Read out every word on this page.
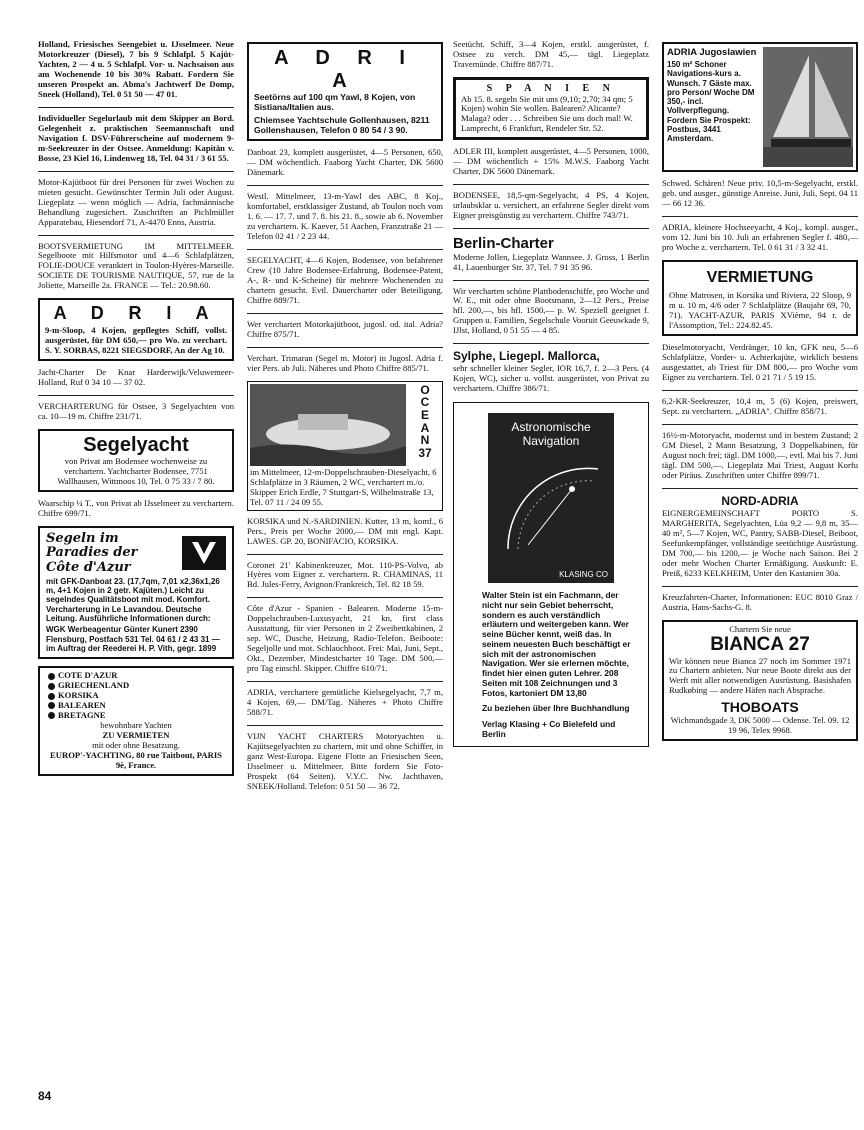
Holland, Friesisches Seengebiet u. IJsselmeer. Neue Motorkreuzer (Diesel), 7 bis 9 Schlafpl. 5 Kajüt-Yachten, 2 — 4 u. 5 Schlafpl. Vor- u. Nachsaison aus am Wochenende 10 bis 30% Rabatt. Fordern Sie unseren Prospekt an. Abma's Jachtwerf De Domp, Sneek (Holland), Tel. 0 51 50 — 47 01.

Individueller Segelurlaub mit dem Skipper an Bord. Gelegenheit z. praktischen Seemannschaft und Navigation f. DSV-Führerscheine auf modernem 9-m-Seekreuzer in der Ostsee. Anmeldung: Kapitän v. Bosse, 23 Kiel 16, Lindenweg 18, Tel. 04 31 / 3 61 55.

Motor-Kajütboot für drei Personen für zwei Wochen zu mieten gesucht. Gewünschter Termin Juli oder August. Liegeplatz — wenn möglich — Adria, fachmännische Behandlung zugesichert. Zuschriften an Pichlmüller Apparatebau, Hiesendorf 71, A-4470 Enns, Austria.

BOOTSVERMIETUNG IM MITTELMEER. Segelboote mit Hilfsmotor und 4—6 Schlafplätzen, FOLIE-DOUCE veranktert in Toulon-Hyères-Marseille. SOCIETE DE TOURISME NAUTIQUE, 57, rue de la Joliette, Marseille 2a. FRANCE — Tel.: 20.98.60.

A D R I A
9-m-Sloop, 4 Kojen, gepflegtes Schiff, vollst. ausgerüstet, für DM 650,— pro Wo. zu verchart. S. Y. SORBAS, 8221 SIEGSDORF, An der Ag 10.

Jacht-Charter De Knar Harderwijk/Veluwemeer-Holland, Ruf 0 34 10 — 37 02.

VERCHARTERUNG für Ostsee, 3 Segelyachten von ca. 10—19 m. Chiffre 231/71.

Segelyacht
von Privat am Bodensee wochenweise zu verchartern. Yachtcharter Bodensee, 7751 Wallhausen, Wittmoos 10, Tel. 0 75 33 / 7 80.

Waarschip ¼ T., von Privat ab IJsselmeer zu verchartern. Chiffre 699/71.

Segeln im
Paradies der
Côte d'Azur
mit GFK-Danboat 23. (17,7qm, 7,01 x2,36x1,26 m, 4+1 Kojen in 2 getr. Kajüten.) Leicht zu segelndes Qualitätsboot mit mod. Komfort. Vercharterung in Le Lavandou. Deutsche Leitung. Ausführliche Informationen durch:
WGK Werbeagentur Günter Kunert 2390 Flensburg, Postfach 531 Tel. 04 61 / 2 43 31 — im Auftrag der Reederei H. P. Vith, gegr. 1899
COTE D'AZUR
GRIECHENLAND
KORSIKA
BALEAREN
BRETAGNE
bewohnbare Yachten
ZU VERMIETEN
mit oder ohne Besatzung.
EUROP'-YACHTING, 80 rue Taitbout, PARIS 9è, France.
A D R I A
Seetörns auf 100 qm Yawl, 8 Kojen, von Sistiana/Italien aus.
Chiemsee Yachtschule Gollenhausen, 8211 Gollenshausen, Telefon 0 80 54 / 3 90.

Danboat 23, komplett ausgerüstet, 4—5 Personen, 650,— DM wöchentlich. Faaborg Yacht Charter, DK 5600 Dänemark.

Westl. Mittelmeer, 13-m-Yawl des ABC, 8 Koj., komfortabel, erstklassiger Zustand, ab Toulon noch vom 1. 6. — 17. 7. und 7. 8. bis 21. 8., sowie ab 6. November zu verchartern. K. Kaever, 51 Aachen, Franzstraße 21 — Telefon 02 41 / 2 23 44.

SEGELYACHT, 4—6 Kojen, Bodensee, von befahrener Crew (10 Jahre Bodensee-Erfahrung, Bodensee-Patent, A-, R- und K-Scheine) für mehrere Wochenenden zu chartern gesucht. Evtl. Dauercharter oder Beteiligung. Chiffre 889/71.

Wer verchartert Motorkajütboot, jugosl. od. ital. Adria? Chiffre 875/71.

Verchart. Trimaran (Segel m. Motor) in Jugosl. Adria f. vier Pers. ab Juli. Näheres und Photo Chiffre 885/71.

O
C
E
A
N
37
im Mittelmeer, 12-m-Doppelschrauben-Dieselyacht, 6 Schlafplätze in 3 Räumen, 2 WC, verchartert m./o. Skipper Erich Erdle, 7 Stuttgart-S, Wilhelmstraße 13, Tel. 07 11 / 24 09 55.

KORSIKA und N.-SARDINIEN. Kutter, 13 m, komf., 6 Pers., Preis per Woche 2000,— DM mit engl. Kapt. LAWES. GP. 20, BONIFACIO, KORSIKA.

Coronet 21' Kabinenkreuzer, Mot. 110-PS-Volvo, ab Hyères vom Eigner z. verchartern. R. CHAMINAS, 11 Bd. Jules-Ferry, Avignon/Frankreich, Tel. 82 18 59.

Côte d'Azur - Spanien - Balearen. Moderne 15-m-Doppelschrauben-Luxusyacht, 21 kn, first class Ausstattung, für vier Personen in 2 Zweibettkabinen, 2 sep. WC, Dusche, Heizung, Radio-Telefon. Beiboote: Segeljolle und mot. Schlauchboot. Frei: Mai, Juni, Sept., Okt., Dezember, Mindestcharter 10 Tage. DM 500,— pro Tag einschl. Skipper. Chiffre 610/71.

ADRIA, verchartere gemütliche Kielsegelyacht, 7,7 m, 4 Kojen, 69,— DM/Tag. Näheres + Photo Chiffre 588/71.

VIJN YACHT CHARTERS Motoryachten u. Kajütsegelyachten zu chartern, mit und ohne Schiffer, in ganz West-Europa. Eigene Flotte an Friesischen Seen, IJsselmeer u. Mittelmeer. Bitte fordern Sie Foto-Prospekt (64 Seiten). V.Y.C. Nw. Jachthaven, SNEEK/Holland. Telefon: 0 51 50 — 36 72.

Seetücht. Schiff, 3—4 Kojen, erstkl. ausgerüstet, f. Ostsee zu verch. DM 45,— tägl. Liegeplatz Travemünde. Chiffre 887/71.

S P A N I E N
Ab 15. 8. segeln Sie mit uns (9,10; 2,70; 34 qm; 5 Kojen) wohin Sie wollen. Balearen? Alicante? Malaga? oder . . . Schreiben Sie uns doch mal! W. Lamprecht, 6 Frankfurt, Rendeler Str. 52.

ADLER III, komplett ausgerüstet, 4—5 Personen, 1000,— DM wöchentlich + 15% M.W.S. Faaborg Yacht Charter, DK 5600 Dänemark.

BODENSEE, 18,5-qm-Segelyacht, 4 PS, 4 Kojen, urlaubsklar u. versichert, an erfahrene Segler direkt vom Eigner preisgünstig zu verchartern. Chiffre 743/71.

Berlin-Charter

Moderne Jollen, Liegeplatz Wannsee. J. Gross, 1 Berlin 41, Lauenburger Str. 37, Tel. 7 91 35 96.

Wir vercharten schöne Plattbodenschiffe, pro Woche und W. E., mit oder ohne Bootsmann, 2—12 Pers., Preise hfl. 200,—, bis hfl. 1500,— p. W. Speziell geeignet f. Gruppen u. Familien, Segelschule Vooruit Geeuwkade 9, IJlst, Holland, 0 51 55 — 4 85.

Sylphe, Liegepl. Mallorca,

sehr schneller kleiner Segler, IOR 16,7, f. 2—3 Pers. (4 Kojen, WC), sicher u. vollst. ausgerüstet, von Privat zu verchartern. Chiffre 386/71.

Astronomische
Navigation
KLASING CO
Walter Stein ist ein Fachmann, der nicht nur sein Gebiet beherrscht, sondern es auch verständlich erläutern und weitergeben kann. Wer seine Bücher kennt, weiß das. In seinem neuesten Buch beschäftigt er sich mit der astronomischen Navigation. Wer sie erlernen möchte, findet hier einen guten Lehrer. 208 Seiten mit 108 Zeichnungen und 3 Fotos, kartoniert DM 13,80
Zu beziehen über Ihre Buchhandlung
Verlag Klasing + Co Bielefeld und Berlin
ADRIA Jugoslawien
150 m² Schoner Navigations-kurs a. Wunsch. 7 Gäste max. pro Person/ Woche DM 350,- incl. Vollverpflegung. Fordern Sie Prospekt: Postbus, 3441 Amsterdam.

Schwed. Schären! Neue priv. 10,5-m-Segelyacht, erstkl. geb. und ausger., günstige Anreise. Juni, Juli, Sept. 04 11 — 66 12 36.

ADRIA, kleinere Hochseeyacht, 4 Koj., kompl. ausger., vom 12. Juni bis 10. Juli an erfahrenen Segler f. 480,— pro Woche z. verchartern. Tel. 0 61 31 / 3 32 41.

VERMIETUNG
Ohne Matrosen, in Korsika und Riviera, 22 Sloop, 9 m u. 10 m, 4/6 oder 7 Schlafplätze (Baujahr 69, 70, 71). YACHT-AZUR, PARIS XVième, 94 r. de l'Assomption, Tel.: 224.82.45.

Dieselmotoryacht, Verdränger, 10 kn, GFK neu, 5—6 Schlafplätze, Vorder- u. Achterkajüte, wirklich bestens ausgestattet, ab Triest für DM 800,— pro Woche vom Eigner zu verchartern. Tel. 0 21 71 / 5 19 15.

6,2-KR-Seekreuzer, 10,4 m, 5 (6) Kojen, preiswert, Sept. zu verchartern. „ADRIA". Chiffre 858/71.

16½-m-Motoryacht, modernst und in bestem Zustand; 2 GM Diesel, 2 Mann Besatzung, 3 Doppelkabinen, für August noch frei; tägl. DM 1000,—, evtl. Mai bis 7. Juni tägl. DM 500,—. Liegeplatz Mai Triest, August Korfu oder Piräus. Zuschriften unter Chiffre 899/71.

NORD-ADRIA

EIGNERGEMEINSCHAFT PORTO S. MARGHERITA, Segelyachten, Lüa 9,2 — 9,8 m, 35—40 m², 5—7 Kojen, WC, Pantry, SABB-Diesel, Beiboot, Seefunkempfänger, vollständige seetüchtige Ausrüstung. DM 700,— bis 1200,— je Woche nach Saison. Bei 2 oder mehr Wochen Charter Ermäßigung. Auskunft: E. Preiß, 6233 KELKHEIM, Unter den Kastanien 30a.

Kreuzfahrten-Charter, Informationen: EUC 8010 Graz / Austria, Hans-Sachs-G. 8.

Chartern Sie neue
BIANCA 27
Wir können neue Bianca 27 noch im Sommer 1971 zu Chartern anbieten. Nur neue Boote direkt aus der Werft mit aller notwendigen Ausrüstung. Basishafen Rudkøbing — andere Häfen nach Absprache.
THOBOATS
Wichmandsgade 3, DK 5000 — Odense. Tel. 09. 12 19 96, Telex 9968.
84
